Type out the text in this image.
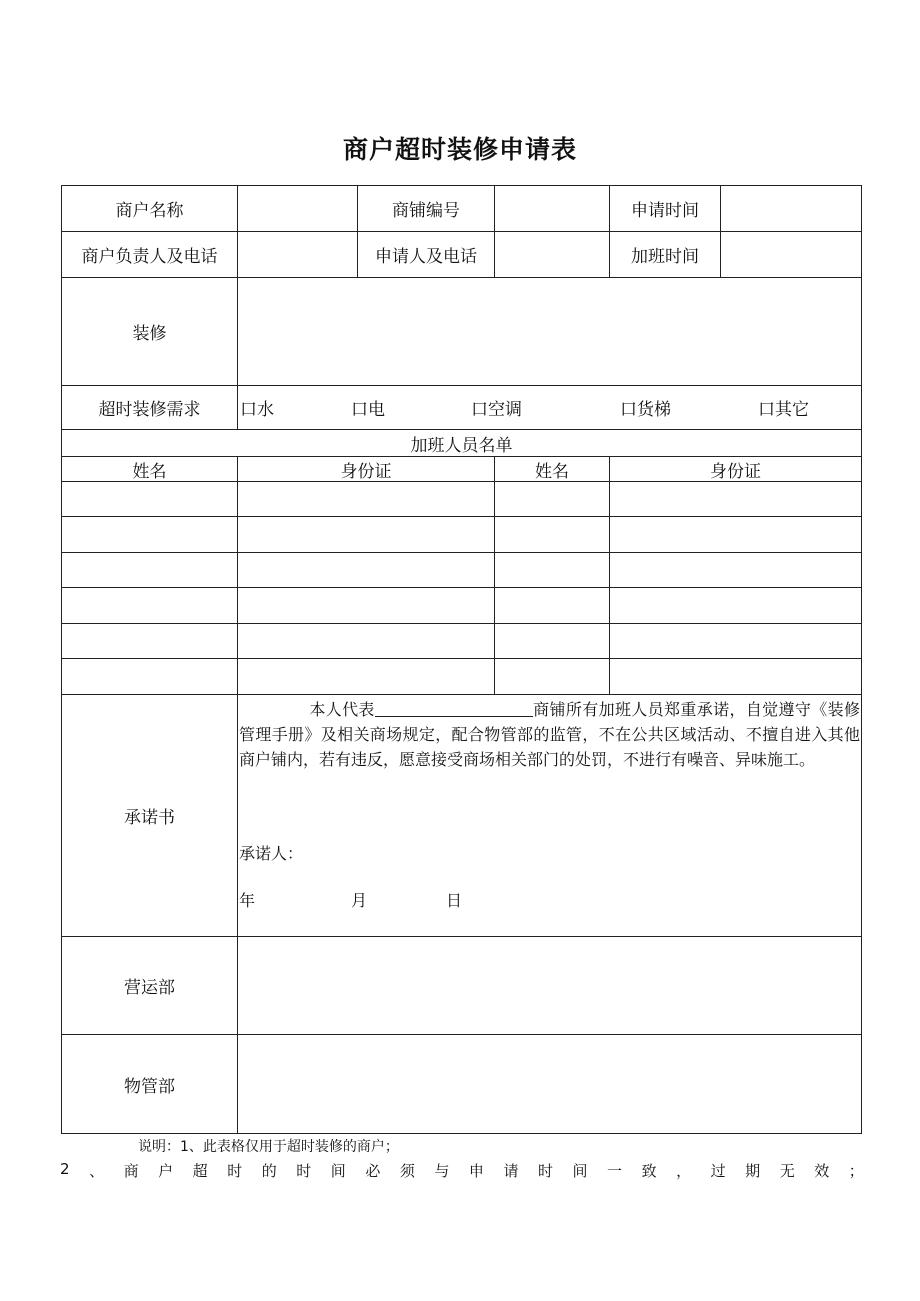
商户超时装修申请表
商户名称	商铺编号	申请时间
商户负责人及电话	申请人及电话	加班时间
装修
超时装修需求	口水	口电	口空调	口货梯	口其它
加班人员名单
姓名	身份证	姓名	身份证
承诺书
本人代表	商铺所有加班人员郑重承诺，自觉遵守《装修管理手册》及相关商场规定，配合物管部的监管，不在公共区域活动、不擅自进入其他商户铺内，若有违反，愿意接受商场相关部门的处罚，不进行有噪音、异味施工。
承诺人：
年	月	日
营运部
物管部
说明：1、此表格仅用于超时装修的商户；
2 、 商 户 超 时 的 时 间 必 须 与 申 请 时 间 一 致 ， 过 期 无 效 ；
